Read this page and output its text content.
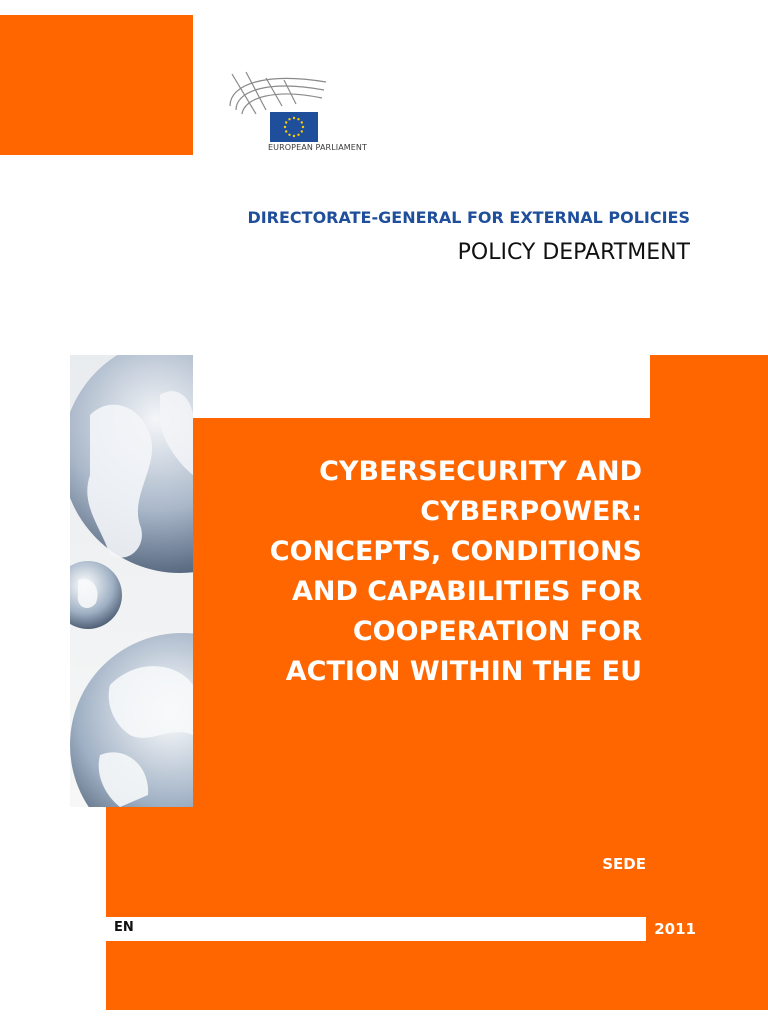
EUROPEAN PARLIAMENT
DIRECTORATE-GENERAL FOR EXTERNAL POLICIES
POLICY DEPARTMENT
CYBERSECURITY AND
CYBERPOWER:
CONCEPTS, CONDITIONS
AND CAPABILITIES FOR
COOPERATION FOR
ACTION WITHIN THE EU
SEDE
EN	2011
